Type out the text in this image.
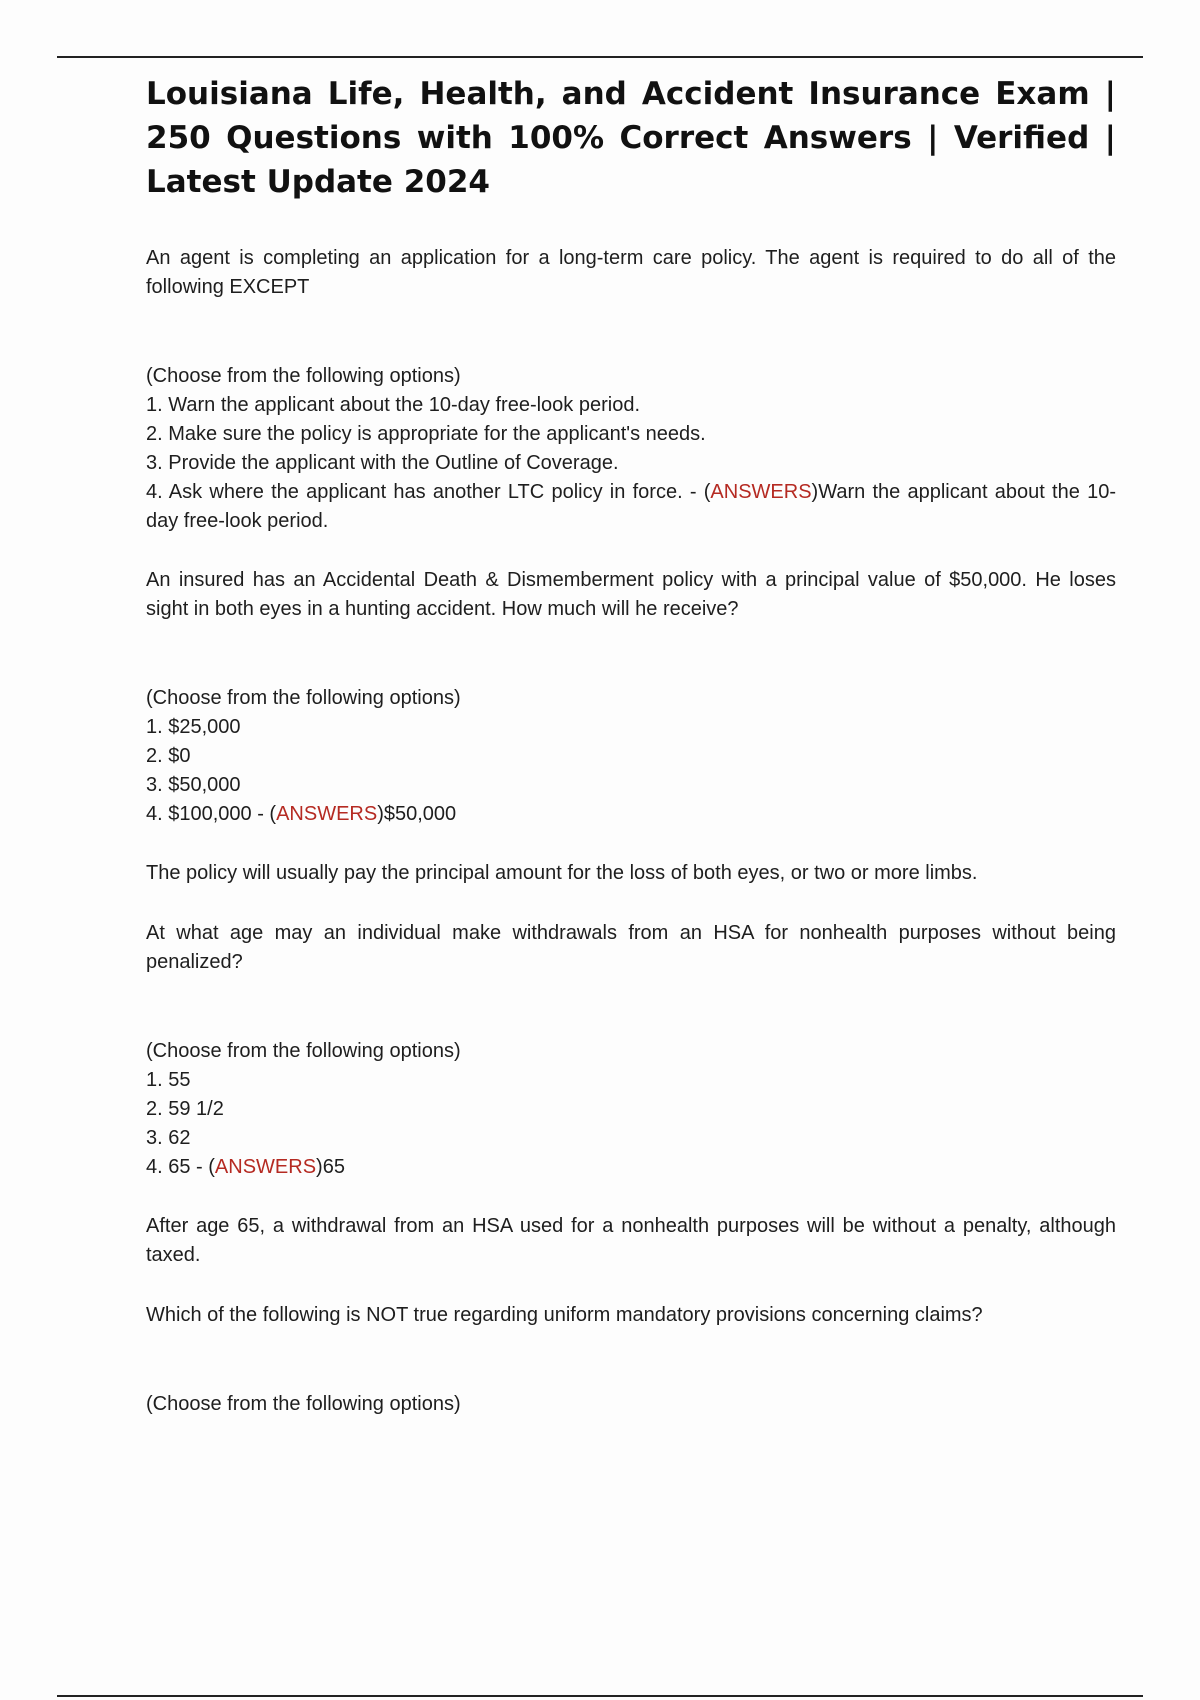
Louisiana Life, Health, and Accident Insurance Exam | 250 Questions with 100% Correct Answers | Verified | Latest Update 2024

An agent is completing an application for a long-term care policy. The agent is required to do all of the following EXCEPT

(Choose from the following options)

1. Warn the applicant about the 10-day free-look period.

2. Make sure the policy is appropriate for the applicant's needs.

3. Provide the applicant with the Outline of Coverage.

4. Ask where the applicant has another LTC policy in force. - (ANSWERS)Warn the applicant about the 10-day free-look period.

An insured has an Accidental Death & Dismemberment policy with a principal value of $50,000. He loses sight in both eyes in a hunting accident. How much will he receive?

(Choose from the following options)

1. $25,000

2. $0

3. $50,000

4. $100,000 - (ANSWERS)$50,000

The policy will usually pay the principal amount for the loss of both eyes, or two or more limbs.

At what age may an individual make withdrawals from an HSA for nonhealth purposes without being penalized?

(Choose from the following options)

1. 55

2. 59 1/2

3. 62

4. 65 - (ANSWERS)65

After age 65, a withdrawal from an HSA used for a nonhealth purposes will be without a penalty, although taxed.

Which of the following is NOT true regarding uniform mandatory provisions concerning claims?

(Choose from the following options)
